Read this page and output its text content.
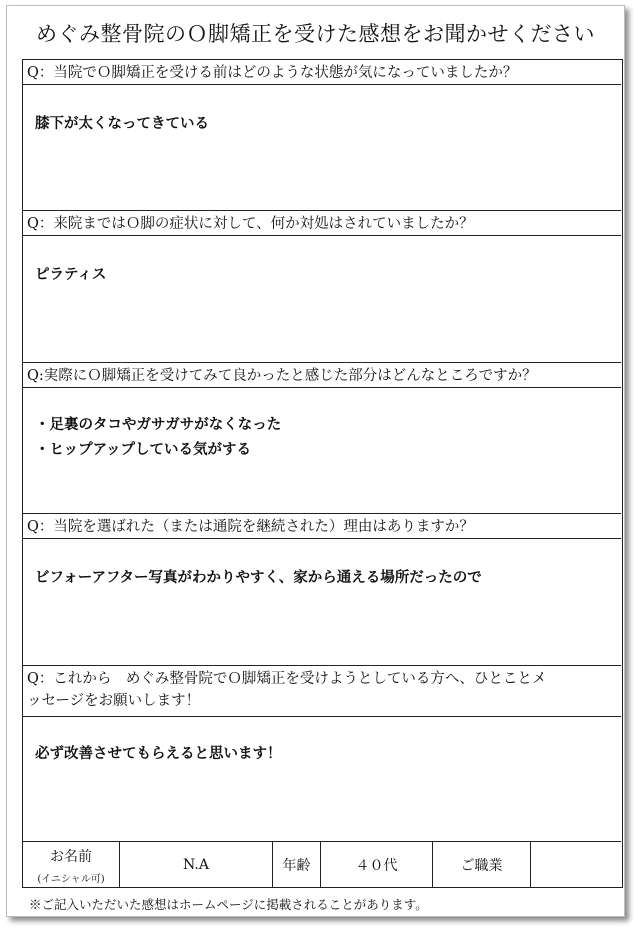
めぐみ整骨院のＯ脚矯正を受けた感想をお聞かせください
Q：当院でＯ脚矯正を受ける前はどのような状態が気になっていましたか？
膝下が太くなってきている
Q：来院まではＯ脚の症状に対して、何か対処はされていましたか？
ピラティス
Q:実際にＯ脚矯正を受けてみて良かったと感じた部分はどんなところですか？
・足裏のタコやガサガサがなくなった
・ヒップアップしている気がする
Q：当院を選ばれた（または通院を継続された）理由はありますか？
ビフォーアフター写真がわかりやすく、家から通える場所だったので
Q：これから　めぐみ整骨院でＯ脚矯正を受けようとしている方へ、ひとことメ
ッセージをお願いします！
必ず改善させてもらえると思います！
お名前
(イニシャル可)
N.A	年齢	４０代	ご職業
※ご記入いただいた感想はホームページに掲載されることがあります。
